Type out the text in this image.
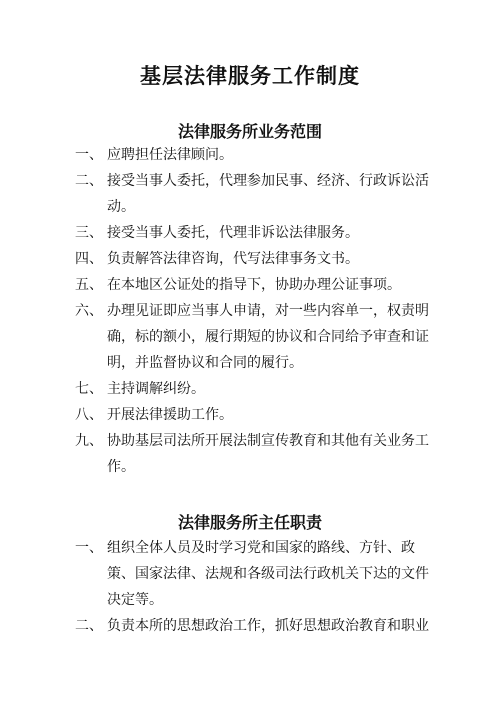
基层法律服务工作制度
法律服务所业务范围
一、 应聘担任法律顾问。
二、 接受当事人委托，代理参加民事、经济、行政诉讼活动。
三、 接受当事人委托，代理非诉讼法律服务。
四、 负责解答法律咨询，代写法律事务文书。
五、 在本地区公证处的指导下，协助办理公证事项。
六、 办理见证即应当事人申请，对一些内容单一，权责明确，标的额小，履行期短的协议和合同给予审查和证明，并监督协议和合同的履行。
七、 主持调解纠纷。
八、 开展法律援助工作。
九、 协助基层司法所开展法制宣传教育和其他有关业务工作。
法律服务所主任职责
一、 组织全体人员及时学习党和国家的路线、方针、政策、国家法律、法规和各级司法行政机关下达的文件决定等。
二、 负责本所的思想政治工作，抓好思想政治教育和职业
